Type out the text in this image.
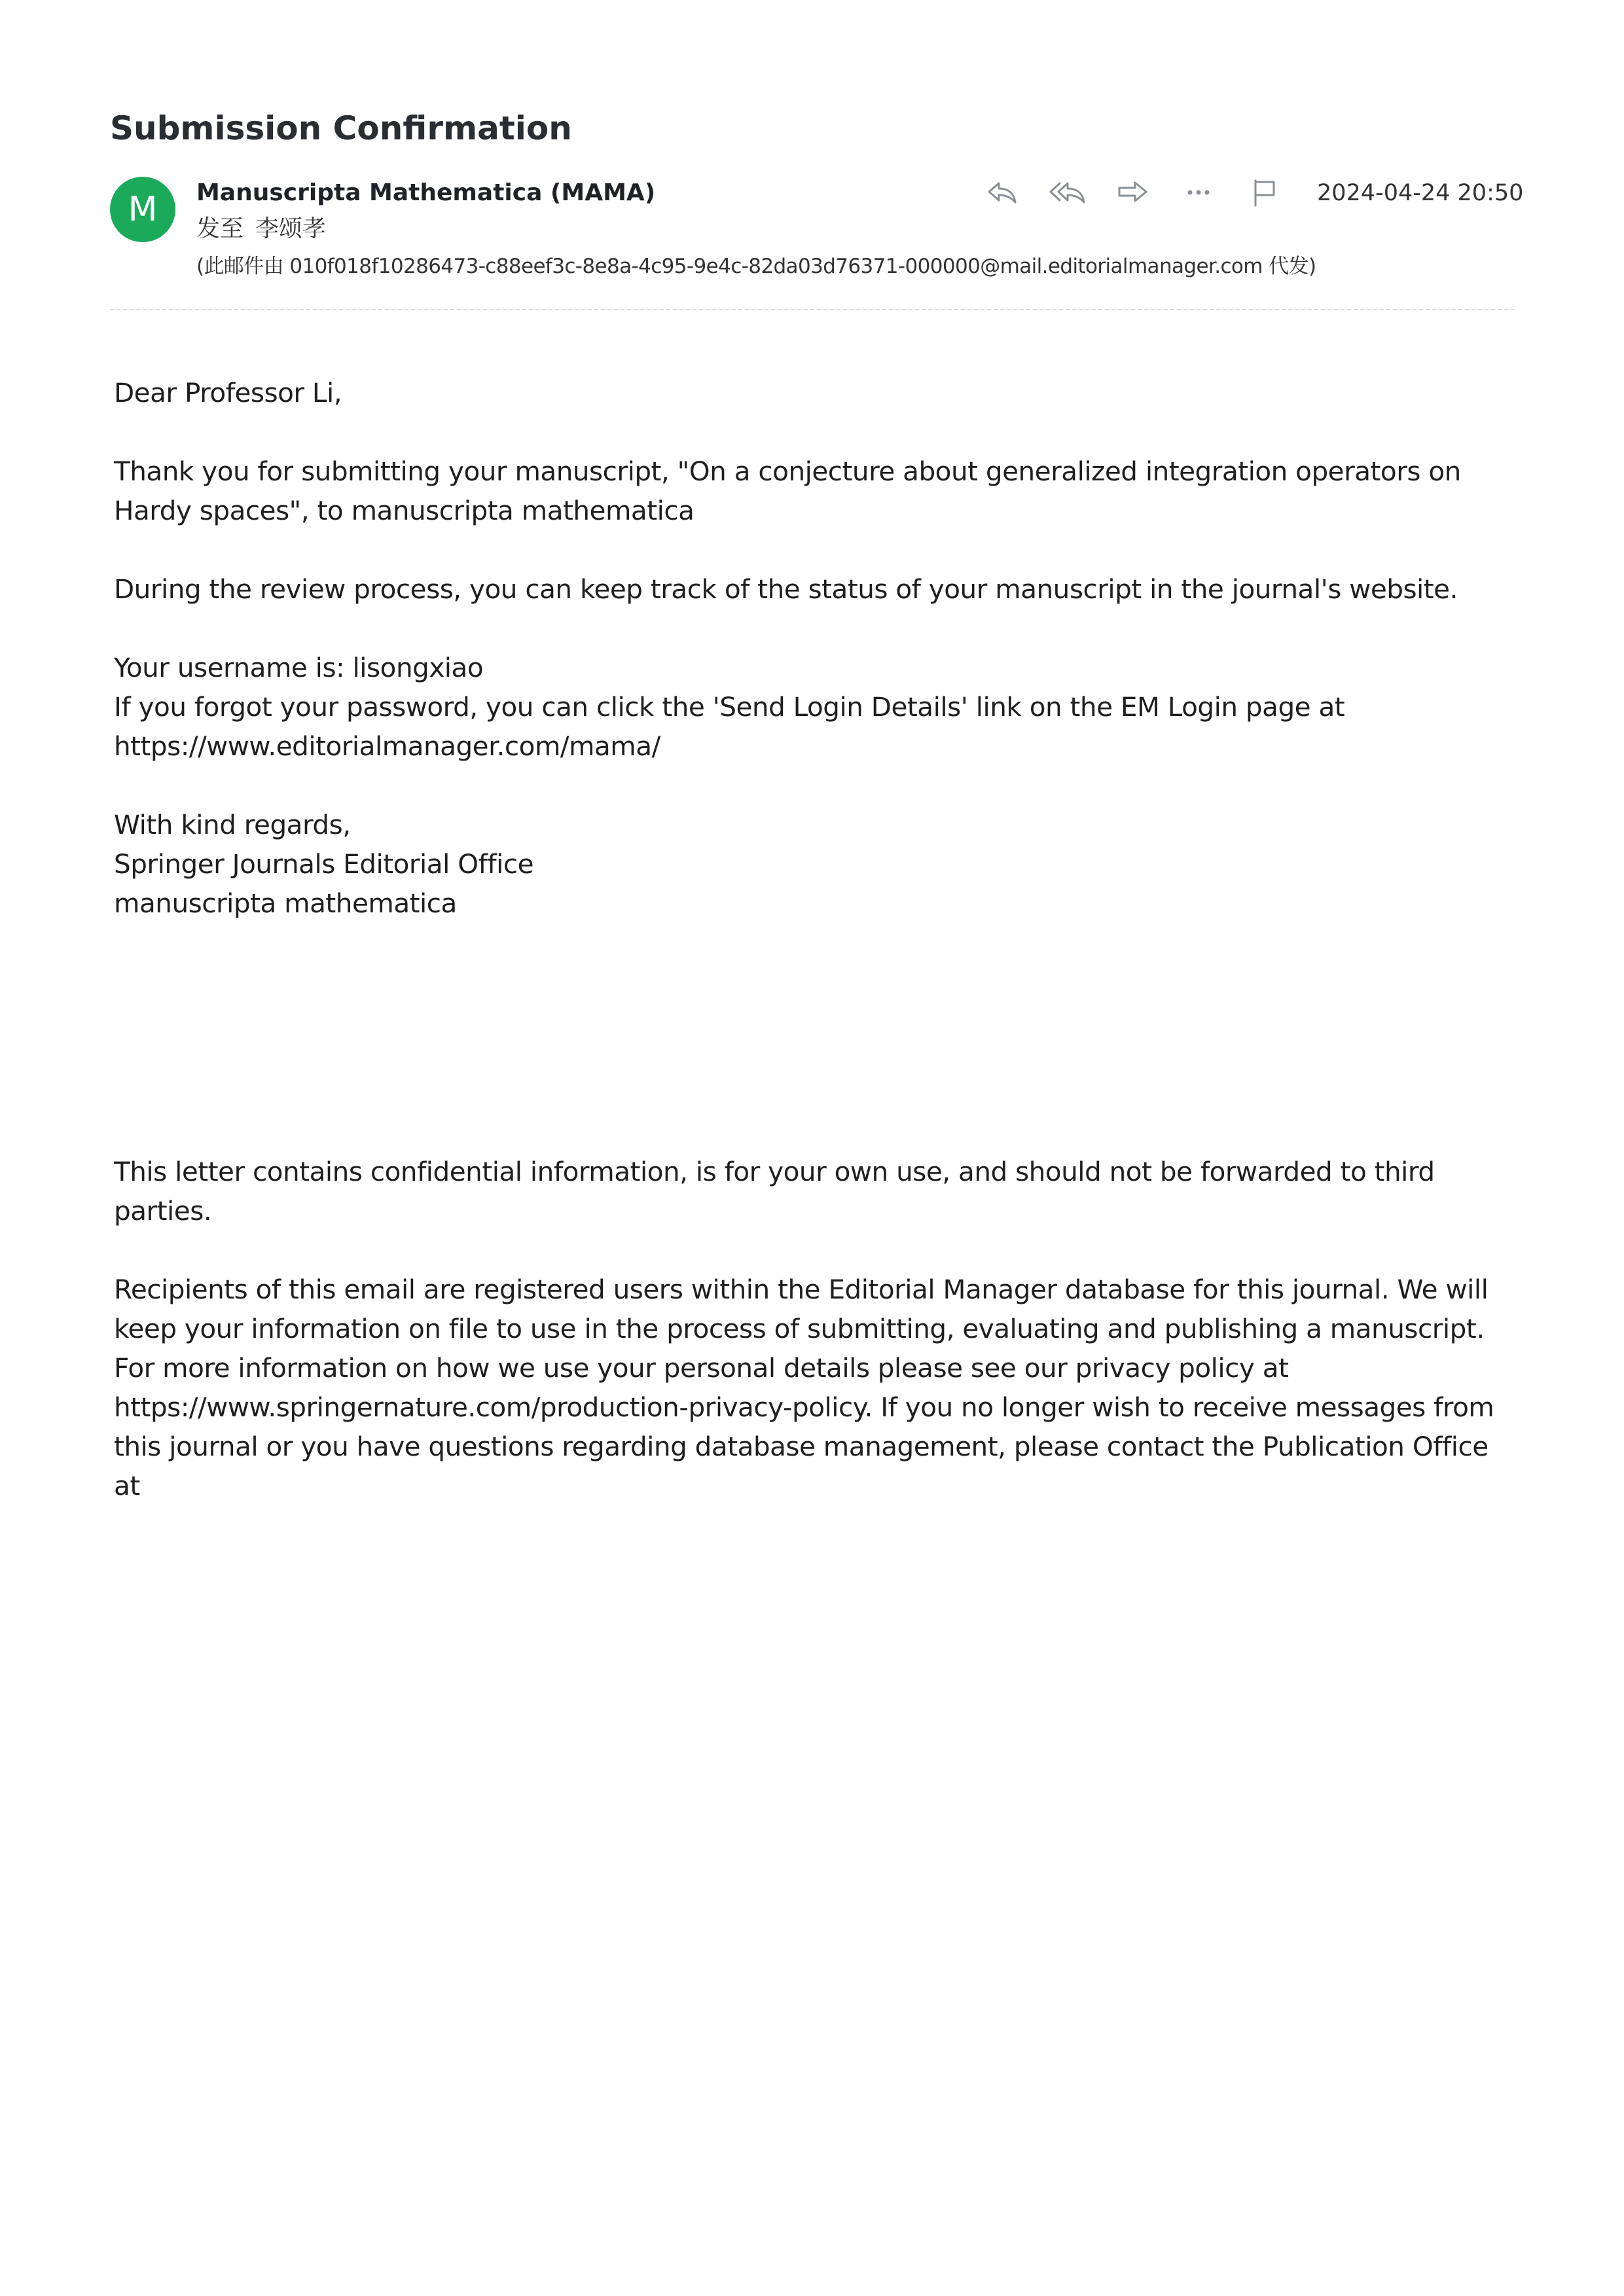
Submission Confirmation
M	Manuscripta Mathematica (MAMA)
发至 李颂孝
(此邮件由 010f018f10286473-c88eef3c-8e8a-4c95-9e4c-82da03d76371-000000@mail.editorialmanager.com 代发)
2024-04-24 20:50

Dear Professor Li,

Thank you for submitting your manuscript, "On a conjecture about generalized integration operators on Hardy spaces", to manuscripta mathematica

During the review process, you can keep track of the status of your manuscript in the journal's website.

Your username is: lisongxiao

If you forgot your password, you can click the 'Send Login Details' link on the EM Login page at https://www.editorialmanager.com/mama/

With kind regards,

Springer Journals Editorial Office

manuscripta mathematica

This letter contains confidential information, is for your own use, and should not be forwarded to third parties.

Recipients of this email are registered users within the Editorial Manager database for this journal. We will keep your information on file to use in the process of submitting, evaluating and publishing a manuscript. For more information on how we use your personal details please see our privacy policy at https://www.springernature.com/production-privacy-policy. If you no longer wish to receive messages from this journal or you have questions regarding database management, please contact the Publication Office at
